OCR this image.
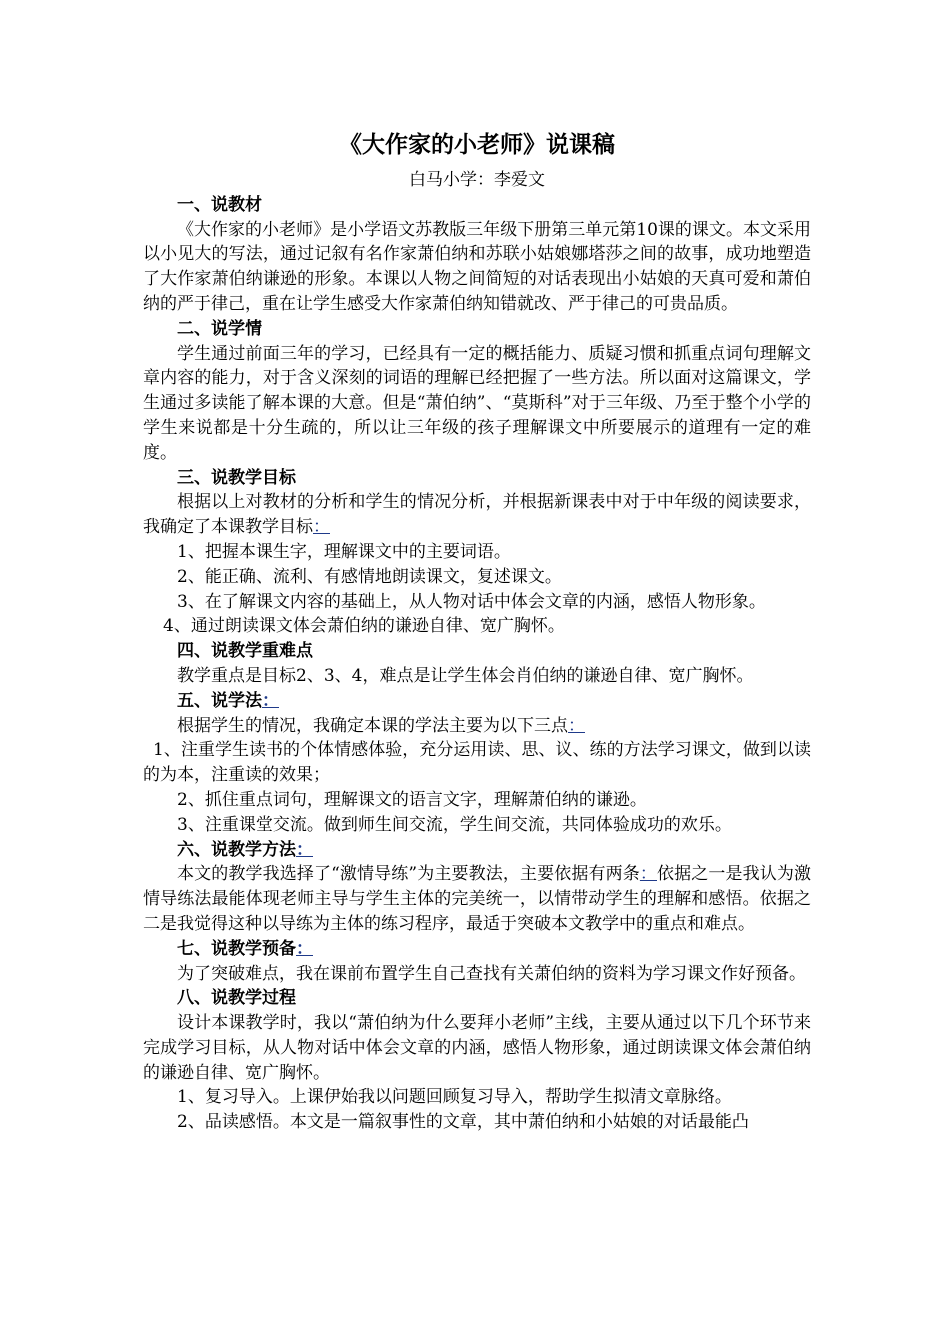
《大作家的小老师》说课稿
白马小学：李爱文
一、说教材

《大作家的小老师》是小学语文苏教版三年级下册第三单元第10课的课文。本文采用以小见大的写法，通过记叙有名作家萧伯纳和苏联小姑娘娜塔莎之间的故事，成功地塑造了大作家萧伯纳谦逊的形象。本课以人物之间简短的对话表现出小姑娘的天真可爱和萧伯纳的严于律己，重在让学生感受大作家萧伯纳知错就改、严于律己的可贵品质。

二、说学情

学生通过前面三年的学习，已经具有一定的概括能力、质疑习惯和抓重点词句理解文章内容的能力，对于含义深刻的词语的理解已经把握了一些方法。所以面对这篇课文，学生通过多读能了解本课的大意。但是“萧伯纳”、“莫斯科”对于三年级、乃至于整个小学的学生来说都是十分生疏的，所以让三年级的孩子理解课文中所要展示的道理有一定的难度。

三、说教学目标

根据以上对教材的分析和学生的情况分析，并根据新课表中对于中年级的阅读要求，我确定了本课教学目标：

1、把握本课生字，理解课文中的主要词语。
2、能正确、流利、有感情地朗读课文，复述课文。
3、在了解课文内容的基础上，从人物对话中体会文章的内涵，感悟人物形象。
4、通过朗读课文体会萧伯纳的谦逊自律、宽广胸怀。
四、说教学重难点

教学重点是目标2、3、4，难点是让学生体会肖伯纳的谦逊自律、宽广胸怀。

五、说学法：

根据学生的情况，我确定本课的学法主要为以下三点：

1、注重学生读书的个体情感体验，充分运用读、思、议、练的方法学习课文，做到以读的为本，注重读的效果；

2、抓住重点词句，理解课文的语言文字，理解萧伯纳的谦逊。
3、注重课堂交流。做到师生间交流，学生间交流，共同体验成功的欢乐。
六、说教学方法：

本文的教学我选择了“激情导练”为主要教法，主要依据有两条：依据之一是我认为激情导练法最能体现老师主导与学生主体的完美统一，以情带动学生的理解和感悟。依据之二是我觉得这种以导练为主体的练习程序，最适于突破本文教学中的重点和难点。

七、说教学预备：

为了突破难点，我在课前布置学生自己查找有关萧伯纳的资料为学习课文作好预备。

八、说教学过程

设计本课教学时，我以“萧伯纳为什么要拜小老师”主线，主要从通过以下几个环节来完成学习目标，从人物对话中体会文章的内涵，感悟人物形象，通过朗读课文体会萧伯纳的谦逊自律、宽广胸怀。

1、复习导入。上课伊始我以问题回顾复习导入，帮助学生拟清文章脉络。
2、品读感悟。本文是一篇叙事性的文章，其中萧伯纳和小姑娘的对话最能凸
